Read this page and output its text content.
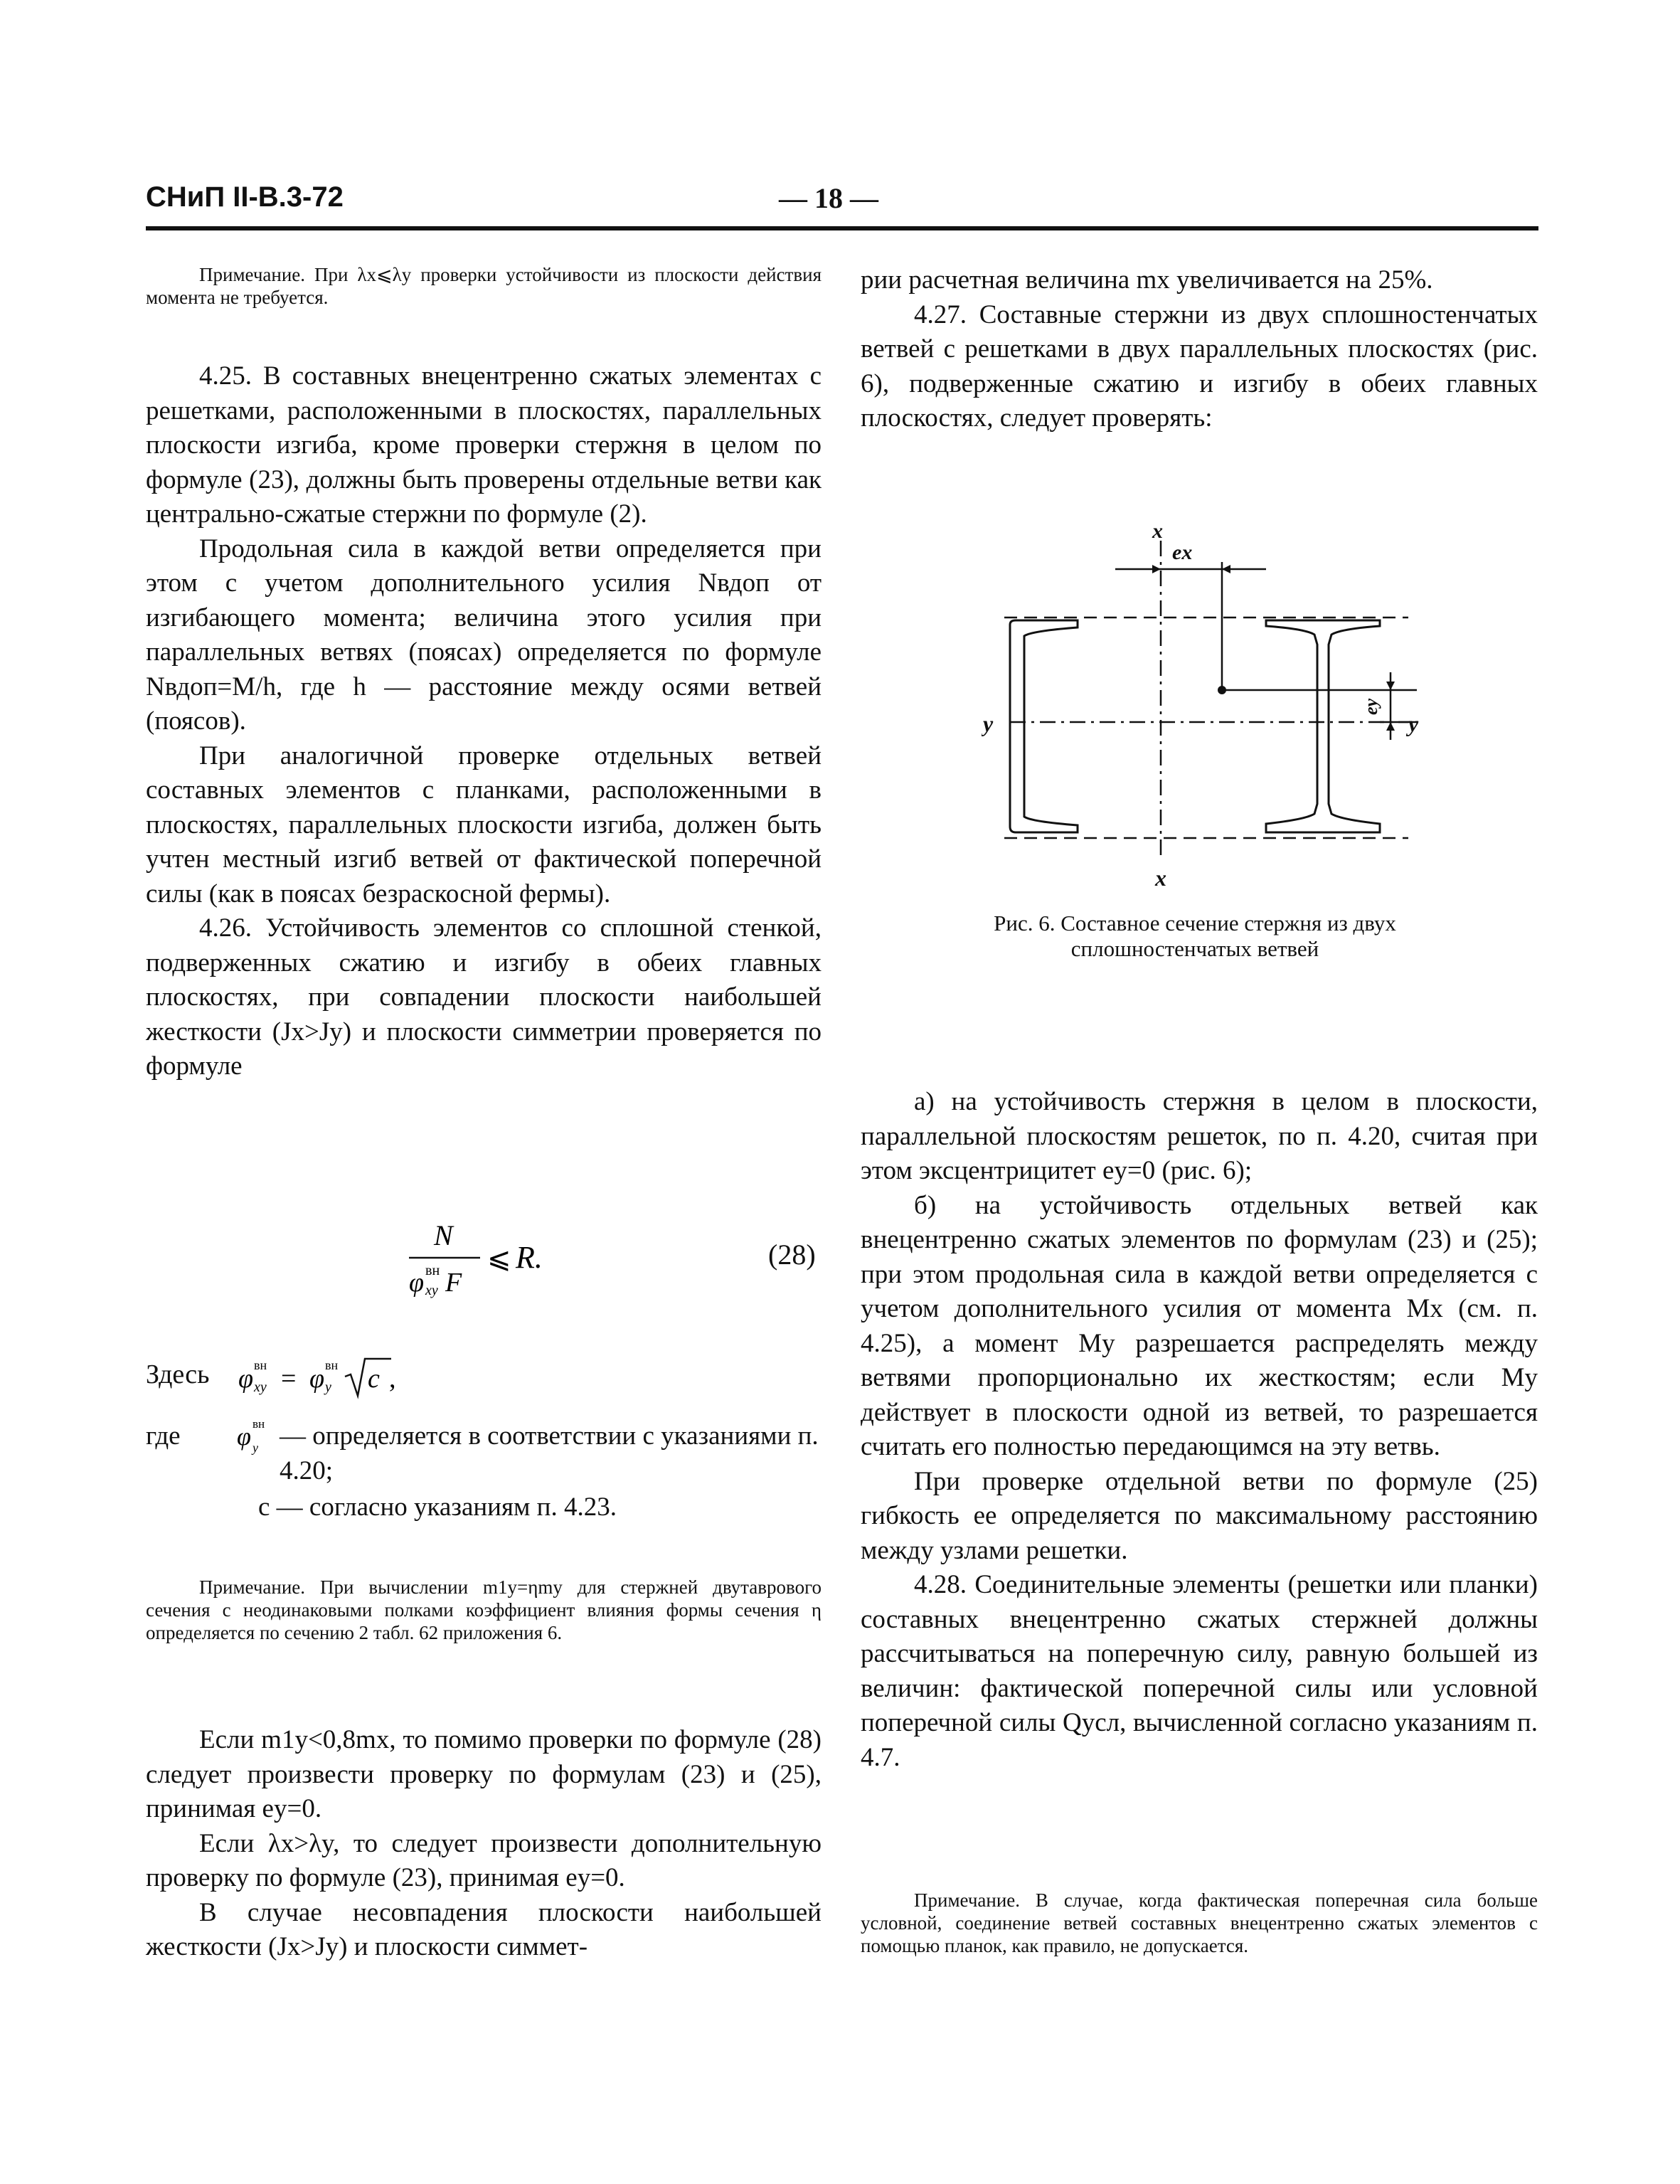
СНиП II-В.3-72	— 18 —
Примечание. При λx⩽λy проверки устойчивости из плоскости действия момента не требуется.

4.25. В составных внецентренно сжатых элементах с решетками, расположенными в плоскостях, параллельных плоскости изгиба, кроме проверки стержня в целом по формуле (23), должны быть проверены отдельные ветви как центрально-сжатые стержни по формуле (2).

Продольная сила в каждой ветви определяется при этом с учетом дополнительного усилия Nвдоп от изгибающего момента; величина этого усилия при параллельных ветвях (поясах) определяется по формуле Nвдоп=M/h, где h — расстояние между осями ветвей (поясов).

При аналогичной проверке отдельных ветвей составных элементов с планками, расположенными в плоскостях, параллельных плоскости изгиба, должен быть учтен местный изгиб ветвей от фактической поперечной силы (как в поясах безраскосной фермы).

4.26. Устойчивость элементов со сплошной стенкой, подверженных сжатию и изгибу в обеих главных плоскостях, при совпадении плоскости наибольшей жесткости (Jx>Jy) и плоскости симметрии проверяется по формуле

N
φ вн
xy F
⩽ R.	(28)
Здесь φ вн
xy = φ вн
y c ,
где φ вн
y — определяется в соответствии с указаниями п. 4.20;
c — согласно указаниям п. 4.23.
Примечание. При вычислении m1y=ηmy для стержней двутаврового сечения с неодинаковыми полками коэффициент влияния формы сечения η определяется по сечению 2 табл. 62 приложения 6.

Если m1y<0,8mx, то помимо проверки по формуле (28) следует произвести проверку по формулам (23) и (25), принимая ey=0.

Если λx>λy, то следует произвести дополнительную проверку по формуле (23), принимая ey=0.

В случае несовпадения плоскости наибольшей жесткости (Jx>Jy) и плоскости симмет-

рии расчетная величина mx увеличивается на 25%.

4.27. Составные стержни из двух сплошностенчатых ветвей с решетками в двух параллельных плоскостях (рис. 6), подверженные сжатию и изгибу в обеих главных плоскостях, следует проверять:

x
x
y	y
ex
ey
Рис. 6. Составное сечение стержня из двух сплошностенчатых ветвей

а) на устойчивость стержня в целом в плоскости, параллельной плоскостям решеток, по п. 4.20, считая при этом эксцентрицитет ey=0 (рис. 6);

б) на устойчивость отдельных ветвей как внецентренно сжатых элементов по формулам (23) и (25); при этом продольная сила в каждой ветви определяется с учетом дополнительного усилия от момента Mx (см. п. 4.25), а момент My разрешается распределять между ветвями пропорционально их жесткостям; если My действует в плоскости одной из ветвей, то разрешается считать его полностью передающимся на эту ветвь.

При проверке отдельной ветви по формуле (25) гибкость ее определяется по максимальному расстоянию между узлами решетки.

4.28. Соединительные элементы (решетки или планки) составных внецентренно сжатых стержней должны рассчитываться на поперечную силу, равную большей из величин: фактической поперечной силы или условной поперечной силы Qусл, вычисленной согласно указаниям п. 4.7.

Примечание. В случае, когда фактическая поперечная сила больше условной, соединение ветвей составных внецентренно сжатых элементов с помощью планок, как правило, не допускается.
